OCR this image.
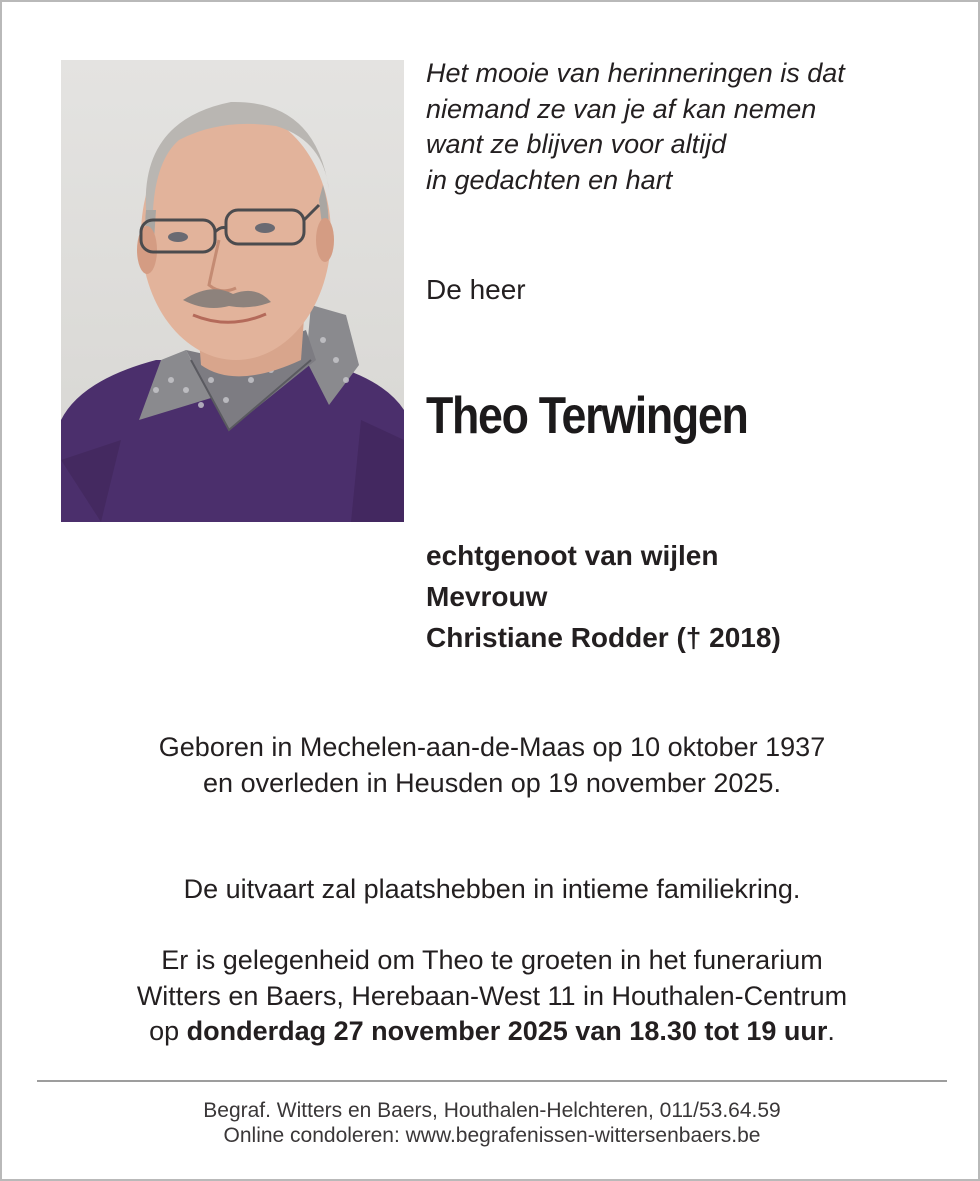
Het mooie van herinneringen is dat
niemand ze van je af kan nemen
want ze blijven voor altijd
in gedachten en hart
De heer
Theo Terwingen
echtgenoot van wijlen
Mevrouw
Christiane Rodder († 2018)
Geboren in Mechelen-aan-de-Maas op 10 oktober 1937
en overleden in Heusden op 19 november 2025.
De uitvaart zal plaatshebben in intieme familiekring.
Er is gelegenheid om Theo te groeten in het funerarium
Witters en Baers, Herebaan-West 11 in Houthalen-Centrum
op donderdag 27 november 2025 van 18.30 tot 19 uur.
Begraf. Witters en Baers, Houthalen-Helchteren, 011/53.64.59
Online condoleren: www.begrafenissen-wittersenbaers.be
